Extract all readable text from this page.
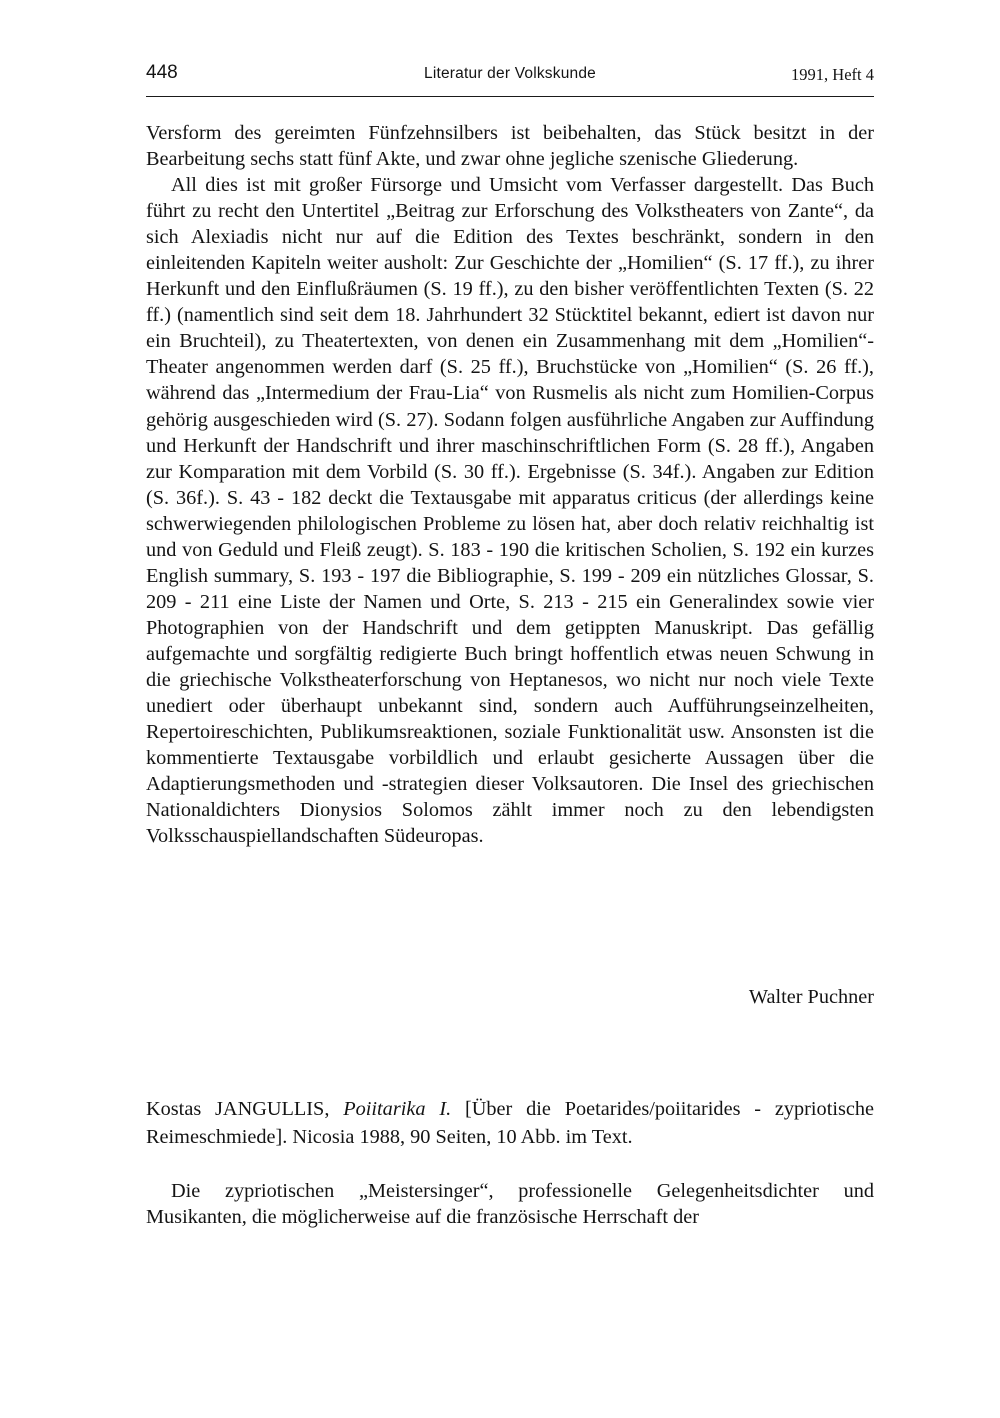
448	Literatur der Volkskunde	1991, Heft 4

Versform des gereimten Fünfzehnsilbers ist beibehalten, das Stück besitzt in der Bearbeitung sechs statt fünf Akte, und zwar ohne jegliche szenische Gliederung.

All dies ist mit großer Fürsorge und Umsicht vom Verfasser dargestellt. Das Buch führt zu recht den Untertitel „Beitrag zur Erforschung des Volkstheaters von Zante“, da sich Alexiadis nicht nur auf die Edition des Textes beschränkt, sondern in den einleitenden Kapiteln weiter ausholt: Zur Geschichte der „Homilien“ (S. 17 ff.), zu ihrer Herkunft und den Einflußräumen (S. 19 ff.), zu den bisher veröffentlichten Texten (S. 22 ff.) (namentlich sind seit dem 18. Jahrhundert 32 Stücktitel bekannt, ediert ist davon nur ein Bruchteil), zu Theatertexten, von denen ein Zusammenhang mit dem „Homilien“-Theater angenommen werden darf (S. 25 ff.), Bruchstücke von „Homilien“ (S. 26 ff.), während das „Intermedium der Frau-Lia“ von Rusmelis als nicht zum Homilien-Corpus gehörig ausgeschieden wird (S. 27). Sodann folgen ausführliche Angaben zur Auffindung und Herkunft der Handschrift und ihrer maschinschriftlichen Form (S. 28 ff.), Angaben zur Komparation mit dem Vorbild (S. 30 ff.). Ergebnisse (S. 34f.). Angaben zur Edition (S. 36f.). S. 43 - 182 deckt die Textausgabe mit apparatus criticus (der allerdings keine schwerwiegenden philologischen Probleme zu lösen hat, aber doch relativ reichhaltig ist und von Geduld und Fleiß zeugt). S. 183 - 190 die kritischen Scholien, S. 192 ein kurzes English summary, S. 193 - 197 die Bibliographie, S. 199 - 209 ein nützliches Glossar, S. 209 - 211 eine Liste der Namen und Orte, S. 213 - 215 ein Generalindex sowie vier Photographien von der Handschrift und dem getippten Manuskript. Das gefällig aufgemachte und sorgfältig redigierte Buch bringt hoffentlich etwas neuen Schwung in die griechische Volkstheaterforschung von Heptanesos, wo nicht nur noch viele Texte unediert oder überhaupt unbekannt sind, sondern auch Aufführungseinzelheiten, Repertoireschichten, Publikumsreaktionen, soziale Funktionalität usw. Ansonsten ist die kommentierte Textausgabe vorbildlich und erlaubt gesicherte Aussagen über die Adaptierungsmethoden und -strategien dieser Volksautoren. Die Insel des griechischen Nationaldichters Dionysios Solomos zählt immer noch zu den lebendigsten Volksschauspiellandschaften Südeuropas.

Walter Puchner
Kostas JANGULLIS, Poiitarika I. [Über die Poetarides/poiitarides - zypriotische Reimeschmiede]. Nicosia 1988, 90 Seiten, 10 Abb. im Text.

Die zypriotischen „Meistersinger“, professionelle Gelegenheitsdichter und Musikanten, die möglicherweise auf die französische Herrschaft der
